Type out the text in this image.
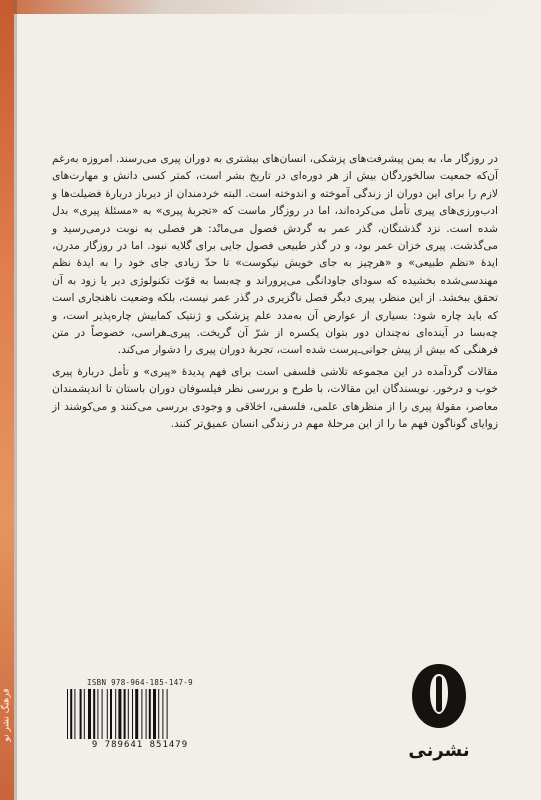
فرهنگ‌ نشر نو

در روزگار ما، به یمن پیشرفت‌های پزشکی، انسان‌های بیشتری به دوران پیری می‌رسند. امروزه به‌رغم آن‌که جمعیت سالخوردگان بیش از هر دوره‌ای در تاریخ بشر است، کمتر کسی دانش و مهارت‌های لازم را برای این دوران از زندگی آموخته و اندوخته است. البته خردمندان از دیرباز دربارهٔ فضیلت‌ها و ادب‌ورزی‌های پیری تأمل می‌کرده‌اند، اما در روزگار ماست که «تجربهٔ پیری» به «مسئلهٔ پیری» بدل شده است. نزد گذشتگان، گذر عمر به گردش فصول می‌مانْد: هر فصلی به نوبت درمی‌رسید و می‌گذشت. پیری خزان عمر بود، و در گذر طبیعی فصول جایی برای گلایه نبود. اما در روزگار مدرن، ایدهٔ «نظم طبیعی» و «هرچیز به جای خویش نیکوست» تا حدّ زیادی جای خود را به ایدهٔ نظم مهندسی‌شده بخشیده که سودای جاودانگی می‌پروراند و چه‌بسا به قوّت تکنولوژی دیر یا زود به آن تحقق ببخشد. از این منظر، پیری دیگر فصل ناگزیری در گذر عمر نیست، بلکه وضعیت ناهنجاری است که باید چاره شود: بسیاری از عوارض آن به‌مدد علم پزشکی و ژنتیک کمابیش چاره‌پذیر است، و چه‌بسا در آینده‌ای نه‌چندان دور بتوان یکسره از شرّ آن گریخت. پیری‌ـ‌هراسی، خصوصاً در متن فرهنگی که بیش از پیش جوانی‌ـ‌پرست شده است، تجربهٔ دوران پیری را دشوار می‌کند.

مقالات گردآمده در این مجموعه تلاشی فلسفی است برای فهم پدیدهٔ «پیری» و تأمل دربارهٔ پیری خوب و درخور. نویسندگان این مقالات، با طرح و بررسی نظر فیلسوفان دوران باستان تا اندیشمندان معاصر، مقولهٔ پیری را از منظرهای علمی، فلسفی، اخلاقی و وجودی بررسی می‌کنند و می‌کوشند از زوایای گوناگون فهم ما را از این مرحلهٔ مهم در زندگی انسان عمیق‌تر کنند.

ISBN 978-964-185-147-9
9 789641 851479	نشرنی
